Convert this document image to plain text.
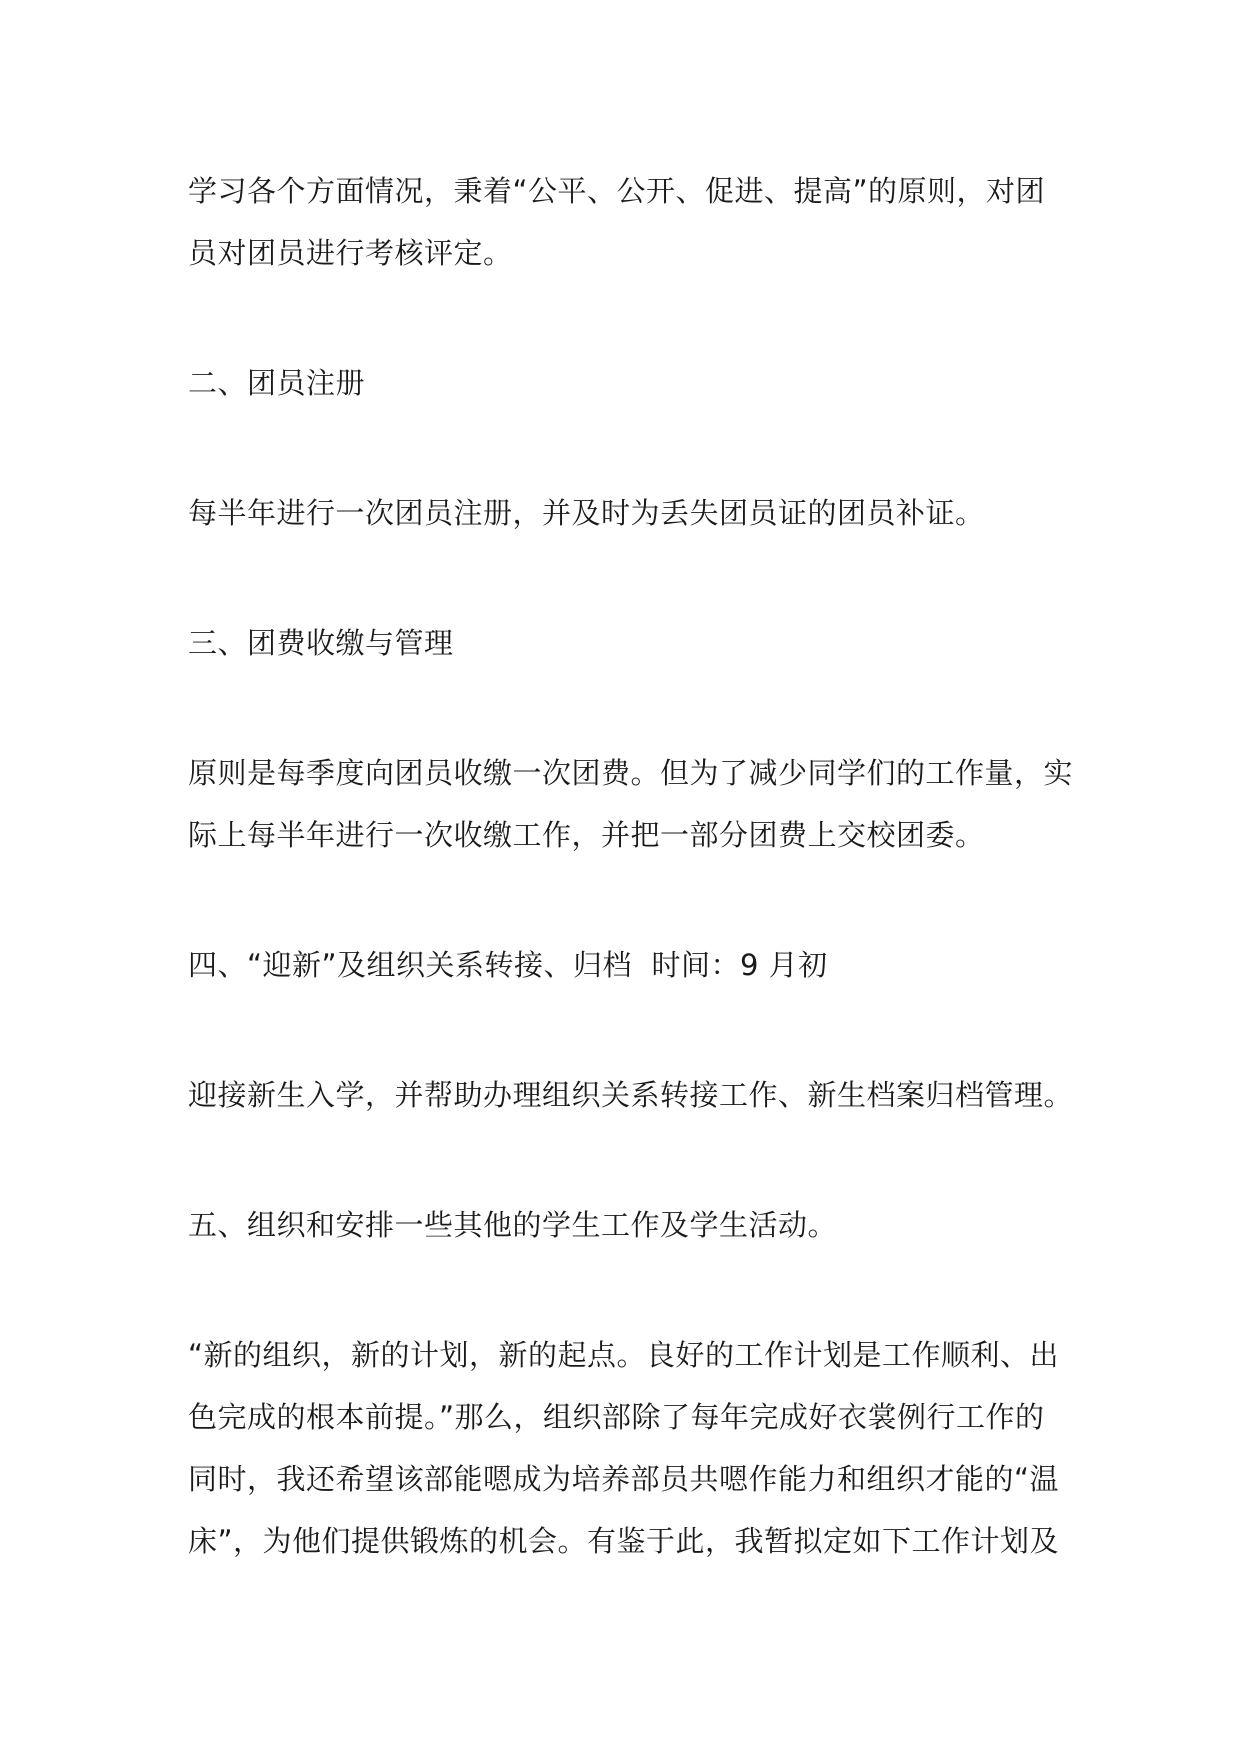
学习各个方面情况，秉着“公平、公开、促进、提高”的原则，对团
员对团员进行考核评定。
二、团员注册
每半年进行一次团员注册，并及时为丢失团员证的团员补证。
三、团费收缴与管理
原则是每季度向团员收缴一次团费。但为了减少同学们的工作量，实
际上每半年进行一次收缴工作，并把一部分团费上交校团委。
四、“迎新”及组织关系转接、归档  时间：9 月初
迎接新生入学，并帮助办理组织关系转接工作、新生档案归档管理。
五、组织和安排一些其他的学生工作及学生活动。
“新的组织，新的计划，新的起点。良好的工作计划是工作顺利、出
色完成的根本前提。”那么，组织部除了每年完成好衣裳例行工作的
同时，我还希望该部能嗯成为培养部员共嗯作能力和组织才能的“温
床”，为他们提供锻炼的机会。有鉴于此，我暂拟定如下工作计划及
